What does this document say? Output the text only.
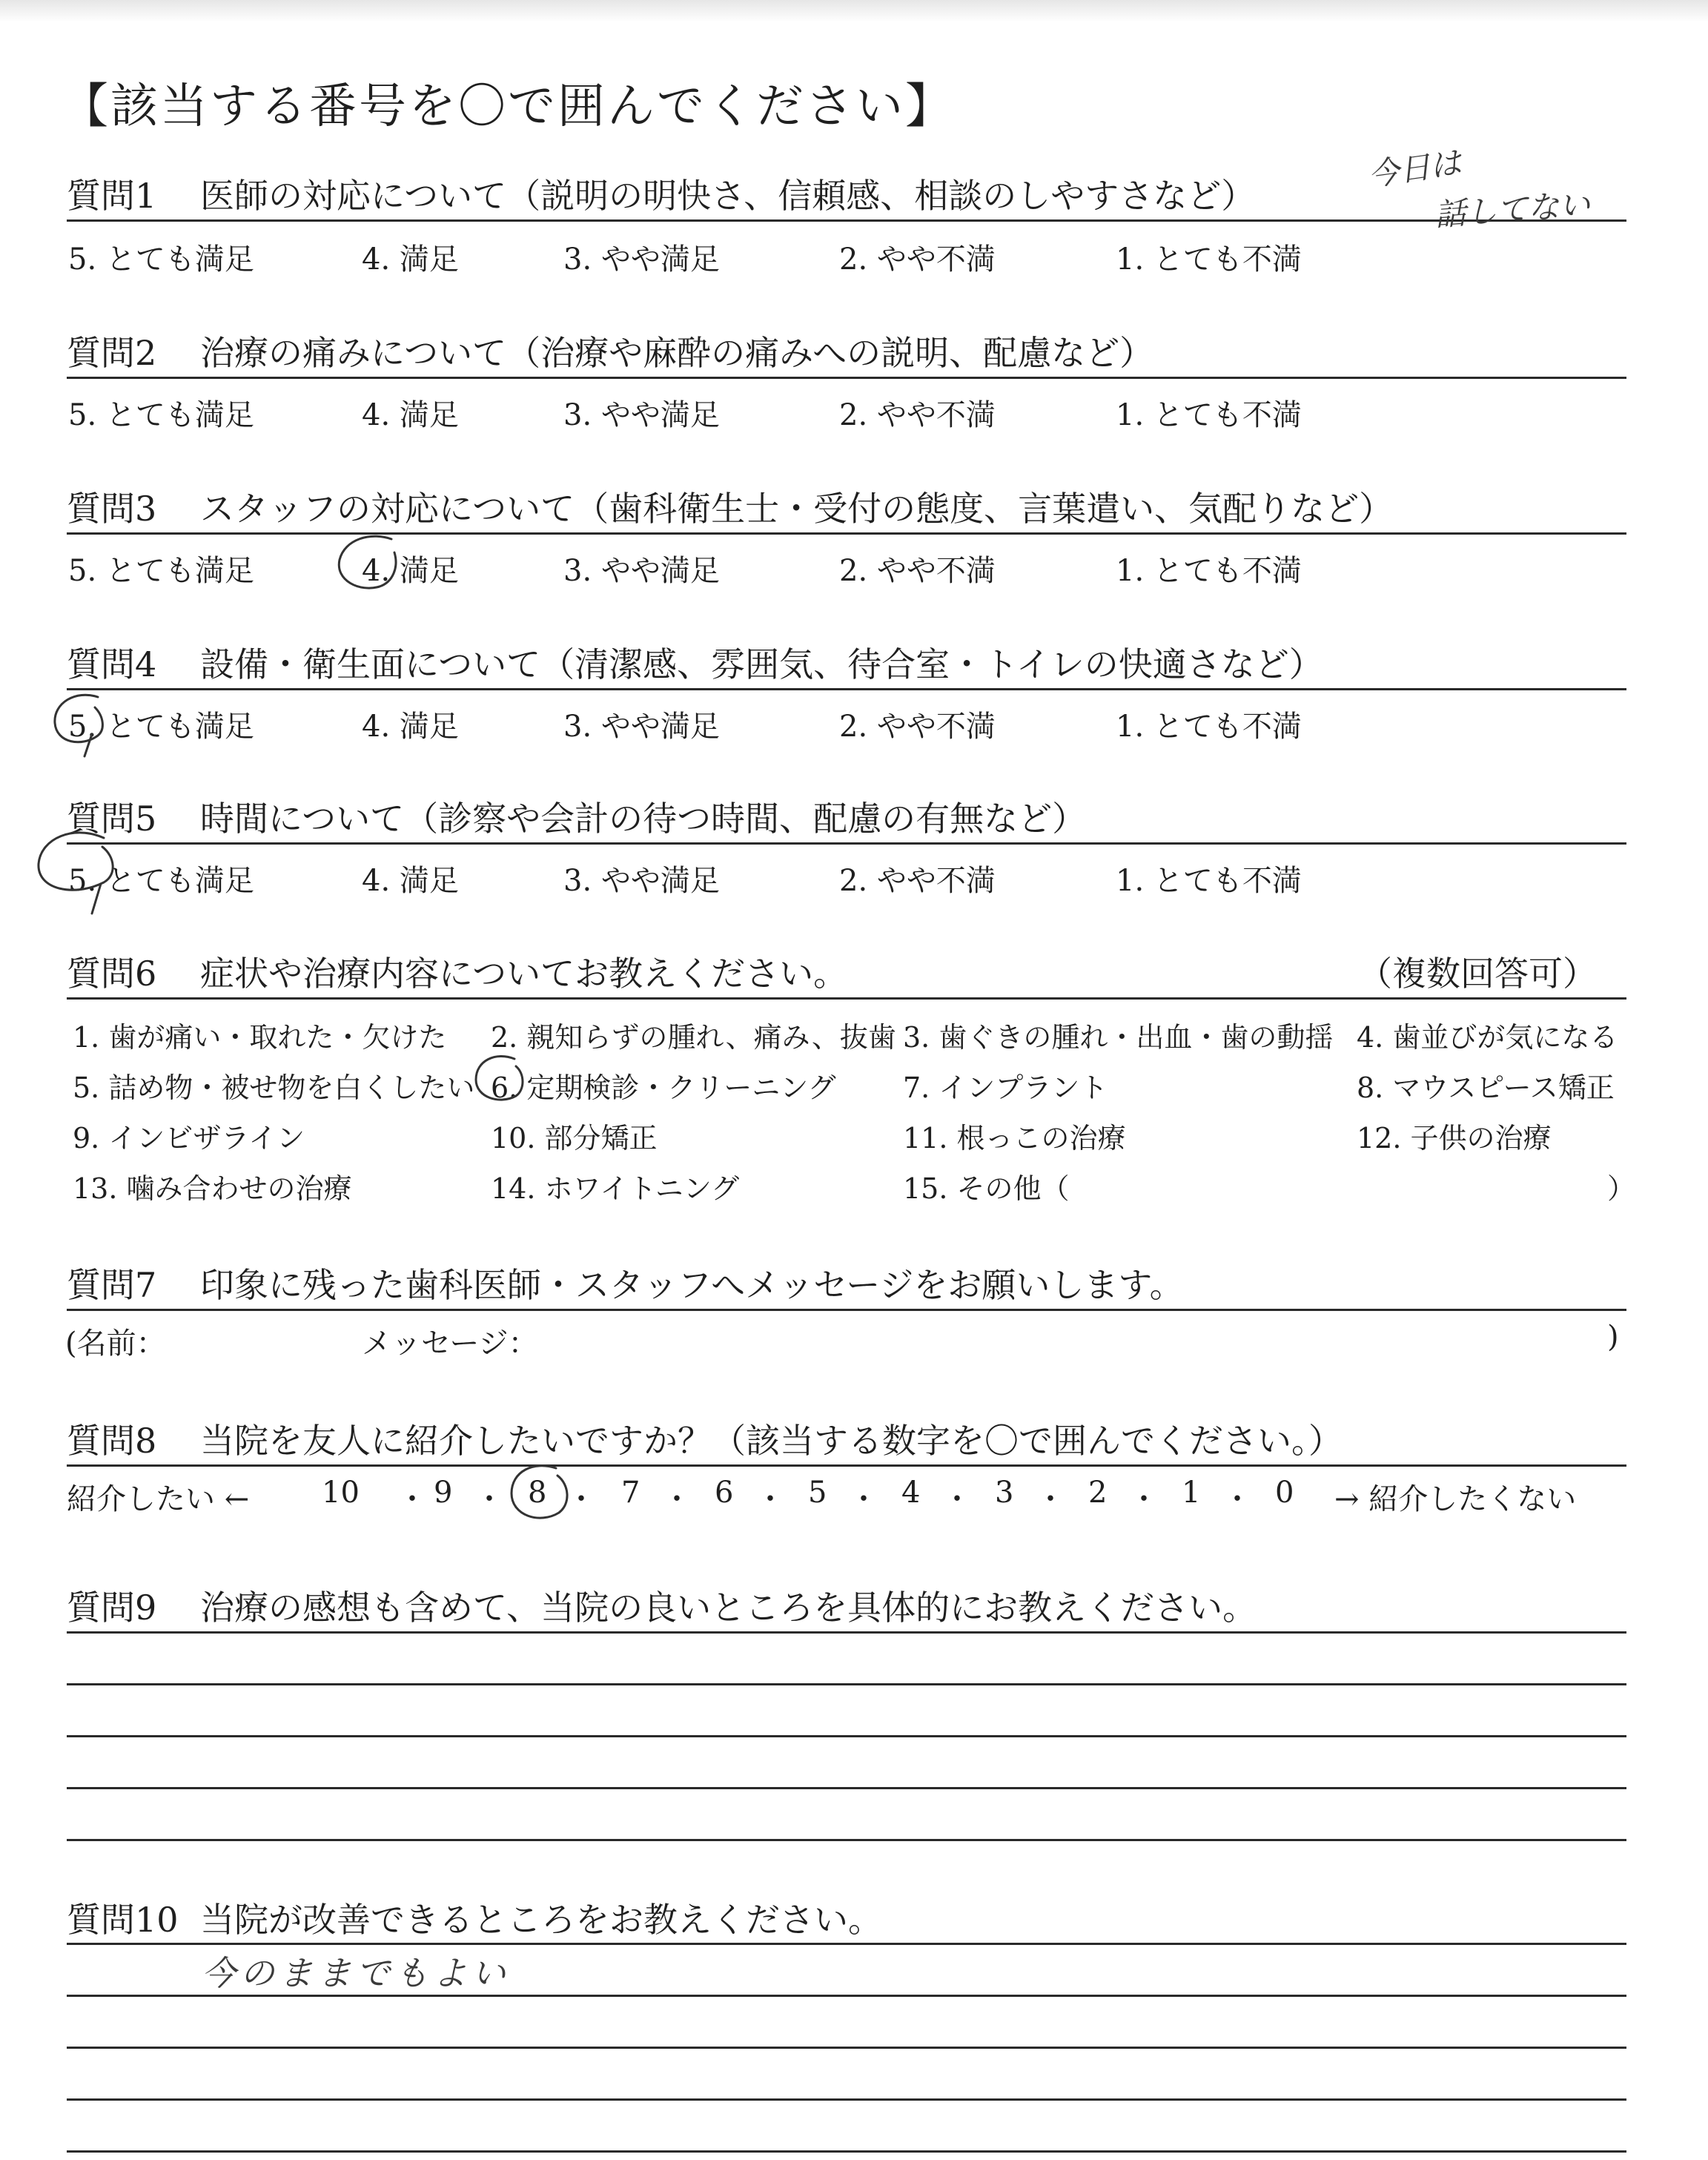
【該当する番号を〇で囲んでください】
質問1 医師の対応について（説明の明快さ、信頼感、相談のしやすさなど）
今日は
話してない
5. とても満足	4. 満足	3. やや満足	2. やや不満	1. とても不満
質問2 治療の痛みについて（治療や麻酔の痛みへの説明、配慮など）
5. とても満足	4. 満足	3. やや満足	2. やや不満	1. とても不満
質問3 スタッフの対応について（歯科衛生士・受付の態度、言葉遣い、気配りなど）
5. とても満足	4. 満足	3. やや満足	2. やや不満	1. とても不満
質問4 設備・衛生面について（清潔感、雰囲気、待合室・トイレの快適さなど）
5. とても満足	4. 満足	3. やや満足	2. やや不満	1. とても不満
質問5 時間について（診察や会計の待つ時間、配慮の有無など）
5. とても満足	4. 満足	3. やや満足	2. やや不満	1. とても不満
質問6 症状や治療内容についてお教えください。	（複数回答可）
1. 歯が痛い・取れた・欠けた 2. 親知らずの腫れ、痛み、抜歯 3. 歯ぐきの腫れ・出血・歯の動揺 4. 歯並びが気になる
5. 詰め物・被せ物を白くしたい 6. 定期検診・クリーニング 7. インプラント	8. マウスピース矯正
9. インビザライン	10. 部分矯正	11. 根っこの治療	12. 子供の治療
13. 噛み合わせの治療	14. ホワイトニング	15. その他（	）
質問7 印象に残った歯科医師・スタッフへメッセージをお願いします。
(名前：	メッセージ：	)
質問8 当院を友人に紹介したいですか？（該当する数字を〇で囲んでください。）
紹介したい ← 10 ・ 9 ・ 8 ・ 7 ・ 6 ・ 5 ・ 4 ・ 3 ・ 2 ・ 1 ・ 0 → 紹介したくない
質問9 治療の感想も含めて、当院の良いところを具体的にお教えください。
質問10 当院が改善できるところをお教えください。
今のままでもよい
